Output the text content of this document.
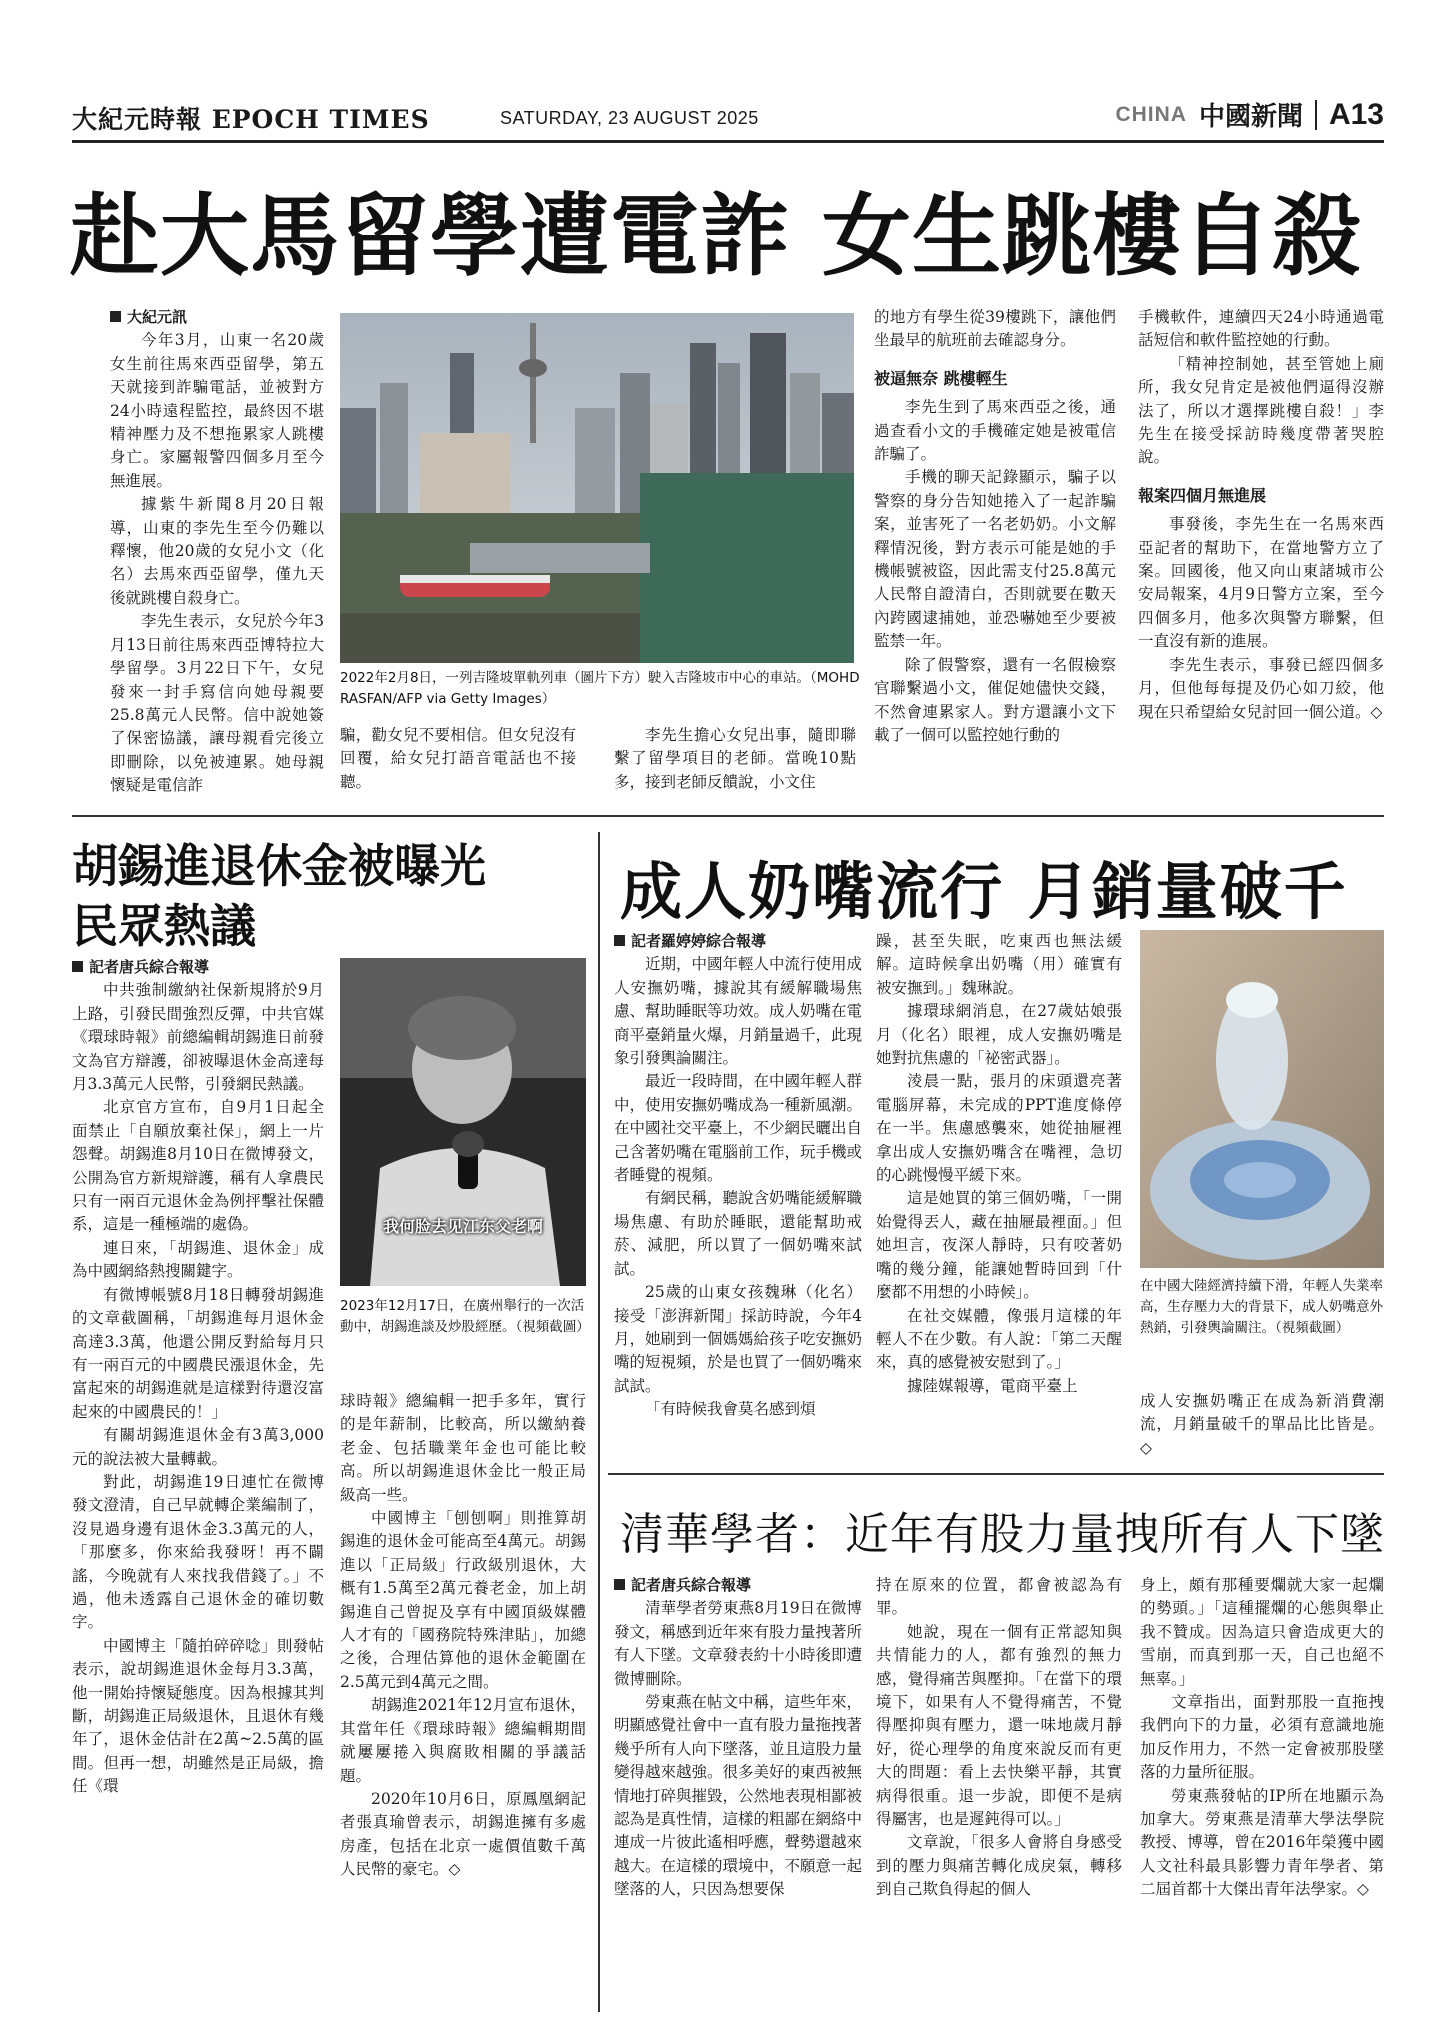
大紀元時報 EPOCH TIMES	SATURDAY, 23 AUGUST 2025	CHINA 中國新聞 A13
赴大馬留學遭電詐 女生跳樓自殺

大紀元訊

今年3月，山東一名20歲女生前往馬來西亞留學，第五天就接到詐騙電話，並被對方24小時遠程監控，最終因不堪精神壓力及不想拖累家人跳樓身亡。家屬報警四個多月至今無進展。

據紫牛新聞8月20日報導，山東的李先生至今仍難以釋懷，他20歲的女兒小文（化名）去馬來西亞留學，僅九天後就跳樓自殺身亡。

李先生表示，女兒於今年3月13日前往馬來西亞博特拉大學留學。3月22日下午，女兒發來一封手寫信向她母親要25.8萬元人民幣。信中說她簽了保密協議，讓母親看完後立即刪除，以免被連累。她母親懷疑是電信詐

2022年2月8日，一列吉隆坡單軌列車（圖片下方）駛入吉隆坡市中心的車站。（MOHD RASFAN/AFP via Getty Images）

騙，勸女兒不要相信。但女兒沒有回覆，給女兒打語音電話也不接聽。

李先生擔心女兒出事，隨即聯繫了留學項目的老師。當晚10點多，接到老師反饋說，小文住

的地方有學生從39樓跳下，讓他們坐最早的航班前去確認身分。

被逼無奈 跳樓輕生

李先生到了馬來西亞之後，通過查看小文的手機確定她是被電信詐騙了。

手機的聊天記錄顯示，騙子以警察的身分告知她捲入了一起詐騙案，並害死了一名老奶奶。小文解釋情況後，對方表示可能是她的手機帳號被盜，因此需支付25.8萬元人民幣自證清白，否則就要在數天內跨國逮捕她，並恐嚇她至少要被監禁一年。

除了假警察，還有一名假檢察官聯繫過小文，催促她儘快交錢，不然會連累家人。對方還讓小文下載了一個可以監控她行動的

手機軟件，連續四天24小時通過電話短信和軟件監控她的行動。

「精神控制她，甚至管她上廁所，我女兒肯定是被他們逼得沒辦法了，所以才選擇跳樓自殺！」李先生在接受採訪時幾度帶著哭腔說。

報案四個月無進展

事發後，李先生在一名馬來西亞記者的幫助下，在當地警方立了案。回國後，他又向山東諸城市公安局報案，4月9日警方立案，至今四個多月，他多次與警方聯繫，但一直沒有新的進展。

李先生表示，事發已經四個多月，但他每每提及仍心如刀絞，他現在只希望給女兒討回一個公道。◇

胡錫進退休金被曝光
民眾熱議

記者唐兵綜合報導

中共強制繳納社保新規將於9月上路，引發民間強烈反彈，中共官媒《環球時報》前總編輯胡錫進日前發文為官方辯護，卻被曝退休金高達每月3.3萬元人民幣，引發網民熱議。

北京官方宣布，自9月1日起全面禁止「自願放棄社保」，網上一片怨聲。胡錫進8月10日在微博發文，公開為官方新規辯護，稱有人拿農民只有一兩百元退休金為例抨擊社保體系，這是一種極端的處偽。

連日來，「胡錫進、退休金」成為中國網絡熱搜關鍵字。

有微博帳號8月18日轉發胡錫進的文章截圖稱，「胡錫進每月退休金高達3.3萬，他還公開反對給每月只有一兩百元的中國農民漲退休金，先富起來的胡錫進就是這樣對待還沒富起來的中國農民的！」

有關胡錫進退休金有3萬3,000元的說法被大量轉載。

對此，胡錫進19日連忙在微博發文澄清，自己早就轉企業編制了，沒見過身邊有退休金3.3萬元的人，「那麼多，你來給我發呀！再不闢謠，今晚就有人來找我借錢了。」不過，他未透露自己退休金的確切數字。

中國博主「隨拍碎碎唸」則發帖表示，說胡錫進退休金每月3.3萬，他一開始持懷疑態度。因為根據其判斷，胡錫進正局級退休，且退休有幾年了，退休金估計在2萬~2.5萬的區間。但再一想，胡雖然是正局級，擔任《環

我何脸去见江东父老啊
2023年12月17日，在廣州舉行的一次活動中，胡錫進談及炒股經歷。（視頻截圖）

球時報》總編輯一把手多年，實行的是年薪制，比較高，所以繳納養老金、包括職業年金也可能比較高。所以胡錫進退休金比一般正局級高一些。

中國博主「刨刨啊」則推算胡錫進的退休金可能高至4萬元。胡錫進以「正局級」行政級別退休，大概有1.5萬至2萬元養老金，加上胡錫進自己曾捉及享有中國頂級媒體人才有的「國務院特殊津貼」，加總之後，合理估算他的退休金範圍在2.5萬元到4萬元之間。

胡錫進2021年12月宣布退休，其當年任《環球時報》總編輯期間就屢屢捲入與腐敗相關的爭議話題。

2020年10月6日，原鳳凰網記者張真瑜曾表示，胡錫進擁有多處房產，包括在北京一處價值數千萬人民幣的豪宅。◇

成人奶嘴流行 月銷量破千

記者羅婷婷綜合報導

近期，中國年輕人中流行使用成人安撫奶嘴，據說其有緩解職場焦慮、幫助睡眠等功效。成人奶嘴在電商平臺銷量火爆，月銷量過千，此現象引發輿論關注。

最近一段時間，在中國年輕人群中，使用安撫奶嘴成為一種新風潮。在中國社交平臺上，不少網民曬出自己含著奶嘴在電腦前工作，玩手機或者睡覺的視頻。

有網民稱，聽說含奶嘴能緩解職場焦慮、有助於睡眠，還能幫助戒菸、減肥，所以買了一個奶嘴來試試。

25歲的山東女孩魏琳（化名）接受「澎湃新聞」採訪時說，今年4月，她刷到一個媽媽給孩子吃安撫奶嘴的短視頻，於是也買了一個奶嘴來試試。

「有時候我會莫名感到煩

躁，甚至失眠，吃東西也無法緩解。這時候拿出奶嘴（用）確實有被安撫到。」魏琳說。

據環球網消息，在27歲姑娘張月（化名）眼裡，成人安撫奶嘴是她對抗焦慮的「祕密武器」。

淩晨一點，張月的床頭還亮著電腦屏幕，未完成的PPT進度條停在一半。焦慮感襲來，她從抽屜裡拿出成人安撫奶嘴含在嘴裡，急切的心跳慢慢平緩下來。

這是她買的第三個奶嘴，「一開始覺得丟人，藏在抽屜最裡面。」但她坦言，夜深人靜時，只有咬著奶嘴的幾分鐘，能讓她暫時回到「什麼都不用想的小時候」。

在社交媒體，像張月這樣的年輕人不在少數。有人說：「第二天醒來，真的感覺被安慰到了。」

據陸媒報導，電商平臺上

在中國大陸經濟持續下滑，年輕人失業率高，生存壓力大的背景下，成人奶嘴意外熱銷，引發輿論關注。（視頻截圖）

成人安撫奶嘴正在成為新消費潮流，月銷量破千的單品比比皆是。◇

清華學者：近年有股力量拽所有人下墜

記者唐兵綜合報導

清華學者勞東燕8月19日在微博發文，稱感到近年來有股力量拽著所有人下墜。文章發表約十小時後即遭微博刪除。

勞東燕在帖文中稱，這些年來，明顯感覺社會中一直有股力量拖拽著幾乎所有人向下墜落，並且這股力量變得越來越強。很多美好的東西被無情地打碎與摧毀，公然地表現相鄙被認為是真性情，這樣的粗鄙在網絡中連成一片彼此遙相呼應，聲勢還越來越大。在這樣的環境中，不願意一起墜落的人，只因為想要保

持在原來的位置，都會被認為有罪。

她說，現在一個有正常認知與共情能力的人，都有強烈的無力感，覺得痛苦與壓抑。「在當下的環境下，如果有人不覺得痛苦，不覺得壓抑與有壓力，還一味地歲月靜好，從心理學的角度來說反而有更大的問題：看上去快樂平靜，其實病得很重。退一步說，即便不是病得屬害，也是遲鈍得可以。」

文章說，「很多人會將自身感受到的壓力與痛苦轉化成戾氣，轉移到自己欺負得起的個人

身上，頗有那種要爛就大家一起爛的勢頭。」「這種擺爛的心態與舉止我不贊成。因為這只會造成更大的雪崩，而真到那一天，自己也絕不無辜。」

文章指出，面對那股一直拖拽我們向下的力量，必須有意識地施加反作用力，不然一定會被那股墜落的力量所征服。

勞東燕發帖的IP所在地顯示為加拿大。勞東燕是清華大學法學院教授、博導，曾在2016年榮獲中國人文社科最具影響力青年學者、第二屆首都十大傑出青年法學家。◇
